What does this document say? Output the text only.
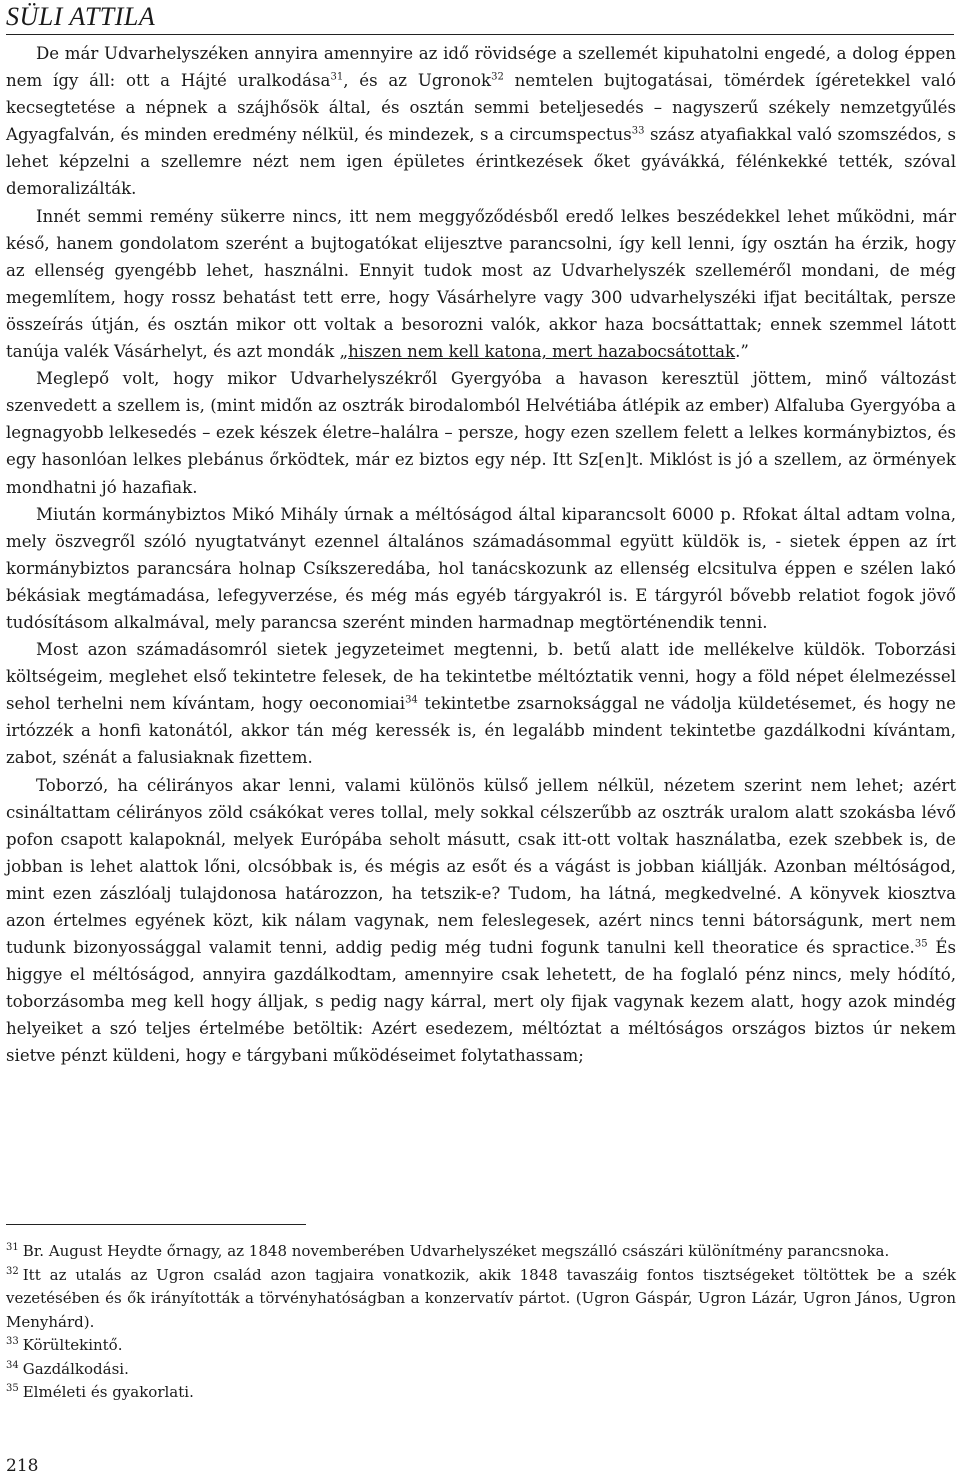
SÜLI ATTILA

De már Udvarhelyszéken annyira amennyire az idő rövidsége a szellemét kipuhatolni engedé, a dolog éppen nem így áll: ott a Hájté uralkodása$^{31}$, és az Ugronok$^{32}$ nemtelen bujtogatásai, tömérdek ígéretekkel való kecsegtetése a népnek a szájhősök által, és osztán semmi beteljesedés – nagyszerű székely nemzetgyűlés Agyagfalván, és minden eredmény nélkül, és mindezek, s a circumspectus$^{33}$ szász atyafiakkal való szomszédos, s lehet képzelni a szellemre nézt nem igen épületes érintkezések őket gyávákká, félénkekké tették, szóval demoralizálták.

Innét semmi remény sükerre nincs, itt nem meggyőződésből eredő lelkes beszédekkel lehet működni, már késő, hanem gondolatom szerént a bujtogatókat elijesztve parancsolni, így kell lenni, így osztán ha érzik, hogy az ellenség gyengébb lehet, használni. Ennyit tudok most az Udvarhelyszék szelleméről mondani, de még megemlítem, hogy rossz behatást tett erre, hogy Vásárhelyre vagy 300 udvarhelyszéki ifjat becitáltak, persze összeírás útján, és osztán mikor ott voltak a besorozni valók, akkor haza bocsáttattak; ennek szemmel látott tanúja valék Vásárhelyt, és azt mondák „hiszen nem kell katona, mert hazabocsátottak.”

Meglepő volt, hogy mikor Udvarhelyszékről Gyergyóba a havason keresztül jöttem, minő változást szenvedett a szellem is, (mint midőn az osztrák birodalomból Helvétiába átlépik az ember) Alfaluba Gyergyóba a legnagyobb lelkesedés – ezek készek életre–halálra – persze, hogy ezen szellem felett a lelkes kormánybiztos, és egy hasonlóan lelkes plebánus őrködtek, már ez biztos egy nép. Itt Sz[en]t. Miklóst is jó a szellem, az örmények mondhatni jó hazafiak.

Miután kormánybiztos Mikó Mihály úrnak a méltóságod által kiparancsolt 6000 p. Rfokat által adtam volna, mely öszvegről szóló nyugtatványt ezennel általános számadásommal együtt küldök is, - sietek éppen az írt kormánybiztos parancsára holnap Csíkszeredába, hol tanácskozunk az ellenség elcsitulva éppen e szélen lakó békásiak megtámadása, lefegyverzése, és még más egyéb tárgyakról is. E tárgyról bővebb relatiot fogok jövő tudósításom alkalmával, mely parancsa szerént minden harmadnap megtörténendik tenni.

Most azon számadásomról sietek jegyzeteimet megtenni, b. betű alatt ide mellékelve küldök. Toborzási költségeim, meglehet első tekintetre felesek, de ha tekintetbe méltóztatik venni, hogy a föld népet élelmezéssel sehol terhelni nem kívántam, hogy oeconomiai$^{34}$ tekintetbe zsarnoksággal ne vádolja küldetésemet, és hogy ne irtózzék a honfi katonától, akkor tán még keressék is, én legalább mindent tekintetbe gazdálkodni kívántam, zabot, szénát a falusiaknak fizettem.

Toborzó, ha célirányos akar lenni, valami különös külső jellem nélkül, nézetem szerint nem lehet; azért csináltattam célirányos zöld csákókat veres tollal, mely sokkal célszerűbb az osztrák uralom alatt szokásba lévő pofon csapott kalapoknál, melyek Európába seholt másutt, csak itt-ott voltak használatba, ezek szebbek is, de jobban is lehet alattok lőni, olcsóbbak is, és mégis az esőt és a vágást is jobban kiállják. Azonban méltóságod, mint ezen zászlóalj tulajdonosa határozzon, ha tetszik-e? Tudom, ha látná, megkedvelné. A könyvek kiosztva azon értelmes egyének közt, kik nálam vagynak, nem feleslegesek, azért nincs tenni bátorságunk, mert nem tudunk bizonyossággal valamit tenni, addig pedig még tudni fogunk tanulni kell theoratice és spractice.$^{35}$ És higgye el méltóságod, annyira gazdálkodtam, amennyire csak lehetett, de ha foglaló pénz nincs, mely hódító, toborzásomba meg kell hogy álljak, s pedig nagy kárral, mert oly fijak vagynak kezem alatt, hogy azok mindég helyeiket a szó teljes értelmébe betöltik: Azért esedezem, méltóztat a méltóságos országos biztos úr nekem sietve pénzt küldeni, hogy e tárgybani működéseimet folytathassam;

$^{31}$ Br. August Heydte őrnagy, az 1848 novemberében Udvarhelyszéket megszálló császári különítmény parancsnoka.

$^{32}$ Itt az utalás az Ugron család azon tagjaira vonatkozik, akik 1848 tavaszáig fontos tisztségeket töltöttek be a szék vezetésében és ők irányították a törvényhatóságban a konzervatív pártot. (Ugron Gáspár, Ugron Lázár, Ugron János, Ugron Menyhárd).

$^{33}$ Körültekintő.

$^{34}$ Gazdálkodási.

$^{35}$ Elméleti és gyakorlati.

218
